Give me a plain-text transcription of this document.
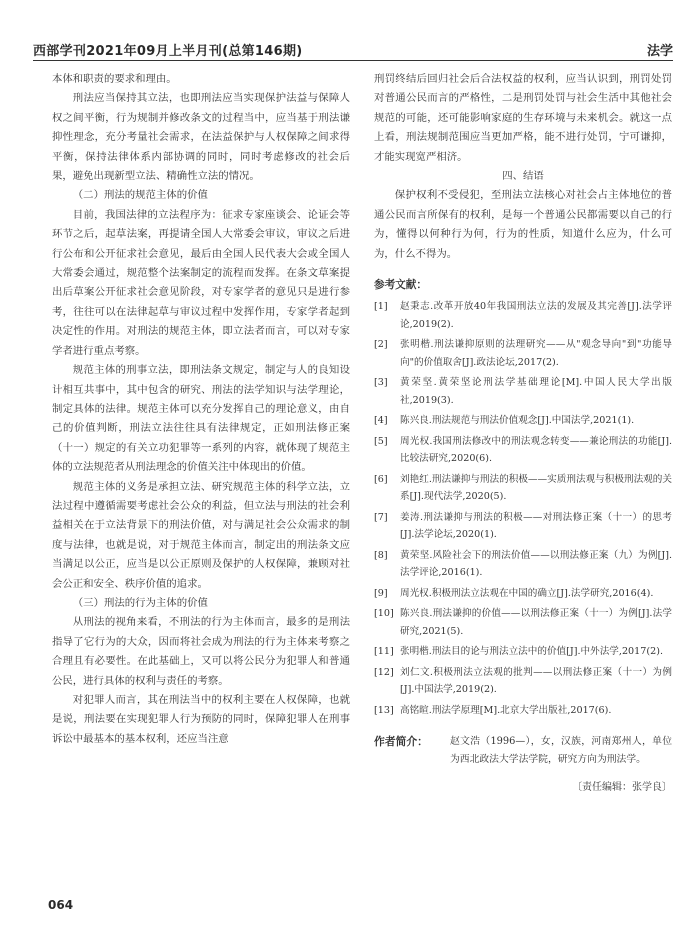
西部学刊2021年09月上半月刊(总第146期)	法学

本体和职责的要求和理由。

刑法应当保持其立法，也即刑法应当实现保护法益与保障人权之间平衡，行为规制并修改条文的过程当中，应当基于刑法谦抑性理念，充分考量社会需求，在法益保护与人权保障之间求得平衡，保持法律体系内部协调的同时，同时考虑修改的社会后果，避免出现新型立法、精确性立法的情况。

（二）刑法的规范主体的价值

目前，我国法律的立法程序为：征求专家座谈会、论证会等环节之后，起草法案，再提请全国人大常委会审议，审议之后进行公布和公开征求社会意见，最后由全国人民代表大会或全国人大常委会通过，规范整个法案制定的流程而发挥。在条文草案提出后草案公开征求社会意见阶段，对专家学者的意见只是进行参考，往往可以在法律起草与审议过程中发挥作用，专家学者起到决定性的作用。对刑法的规范主体，即立法者而言，可以对专家学者进行重点考察。

规范主体的刑事立法，即刑法条文规定，制定与人的良知设计相互共事中，其中包含的研究、刑法的法学知识与法学理论，制定具体的法律。规范主体可以充分发挥自己的理论意义，由自己的价值判断，刑法立法往往具有法律规定，正如刑法修正案（十一）规定的有关立功犯罪等一系列的内容，就体现了规范主体的立法规范者从刑法理念的价值关注中体现出的价值。

规范主体的义务是承担立法、研究规范主体的科学立法，立法过程中遵循需要考虑社会公众的利益，但立法与刑法的社会利益相关在于立法背景下的刑法价值，对与满足社会公众需求的制度与法律，也就是说，对于规范主体而言，制定出的刑法条文应当满足以公正，应当是以公正原则及保护的人权保障，兼顾对社会公正和安全、秩序价值的追求。

（三）刑法的行为主体的价值

从刑法的视角来看，不刑法的行为主体而言，最多的是刑法指导了它行为的大众，因而将社会成为刑法的行为主体来考察之合理且有必要性。在此基础上，又可以将公民分为犯罪人和普通公民，进行具体的权利与责任的考察。

对犯罪人而言，其在刑法当中的权利主要在人权保障，也就是说，刑法要在实现犯罪人行为预防的同时，保障犯罪人在刑事诉讼中最基本的基本权利，还应当注意

刑罚终结后回归社会后合法权益的权利，应当认识到，刑罚处罚对普通公民而言的严格性，二是刑罚处罚与社会生活中其他社会规范的可能，还可能影响家庭的生存环境与未来机会。就这一点上看，刑法规制范围应当更加严格，能不进行处罚，宁可谦抑，才能实现宽严相济。

四、结语

保护权利不受侵犯，至刑法立法核心对社会占主体地位的普通公民而言所保有的权利，是每一个普通公民都需要以自己的行为，懂得以何种行为何，行为的性质，知道什么应为，什么可为，什么不得为。

参考文献：

[1] 赵秉志.改革开放40年我国刑法立法的发展及其完善[J].法学评论,2019(2).

[2] 张明楷.刑法谦抑原则的法理研究——从"观念导向"到"功能导向"的价值取舍[J].政法论坛,2017(2).

[3] 黄荣坚.黄荣坚论刑法学基础理论[M].中国人民大学出版社,2019(3).

[4] 陈兴良.刑法规范与刑法价值观念[J].中国法学,2021(1).

[5] 周光权.我国刑法修改中的刑法观念转变——兼论刑法的功能[J].比较法研究,2020(6).

[6] 刘艳红.刑法谦抑与刑法的积极——实质刑法观与积极刑法观的关系[J].现代法学,2020(5).

[7] 姜涛.刑法谦抑与刑法的积极——对刑法修正案（十一）的思考[J].法学论坛,2020(1).

[8] 黄荣坚.风险社会下的刑法价值——以刑法修正案（九）为例[J].法学评论,2016(1).

[9] 周光权.积极刑法立法观在中国的确立[J].法学研究,2016(4).

[10] 陈兴良.刑法谦抑的价值——以刑法修正案（十一）为例[J].法学研究,2021(5).

[11] 张明楷.刑法目的论与刑法立法中的价值[J].中外法学,2017(2).

[12] 刘仁文.积极刑法立法观的批判——以刑法修正案（十一）为例[J].中国法学,2019(2).

[13] 高铭暄.刑法学原理[M].北京大学出版社,2017(6).

作者简介： 赵文浩（1996—），女，汉族，河南郑州人，单位为西北政法大学法学院，研究方向为刑法学。

〔责任编辑：张学良〕

064
